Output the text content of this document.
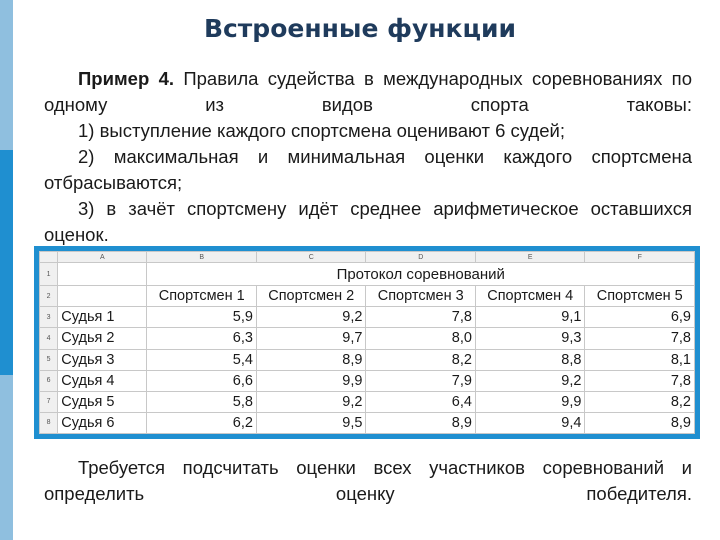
Встроенные функции
Пример 4. Правила судейства в международных соревнованиях по одному из видов спорта таковы:
1) выступление каждого спортсмена оценивают 6 судей;
2) максимальная и минимальная оценки каждого спортсмена отбрасываются;
3) в зачёт спортсмену идёт среднее арифметическое оставшихся оценок.
	A	B	C	D	E	F
1		Протокол соревнований				
2		Спортсмен 1	Спортсмен 2	Спортсмен 3	Спортсмен 4	Спортсмен 5
3	Судья 1	5,9	9,2	7,8	9,1	6,9
4	Судья 2	6,3	9,7	8,0	9,3	7,8
5	Судья 3	5,4	8,9	8,2	8,8	8,1
6	Судья 4	6,6	9,9	7,9	9,2	7,8
7	Судья 5	5,8	9,2	6,4	9,9	8,2
8	Судья 6	6,2	9,5	8,9	9,4	8,9
Требуется подсчитать оценки всех участников соревнований и определить оценку победителя.
